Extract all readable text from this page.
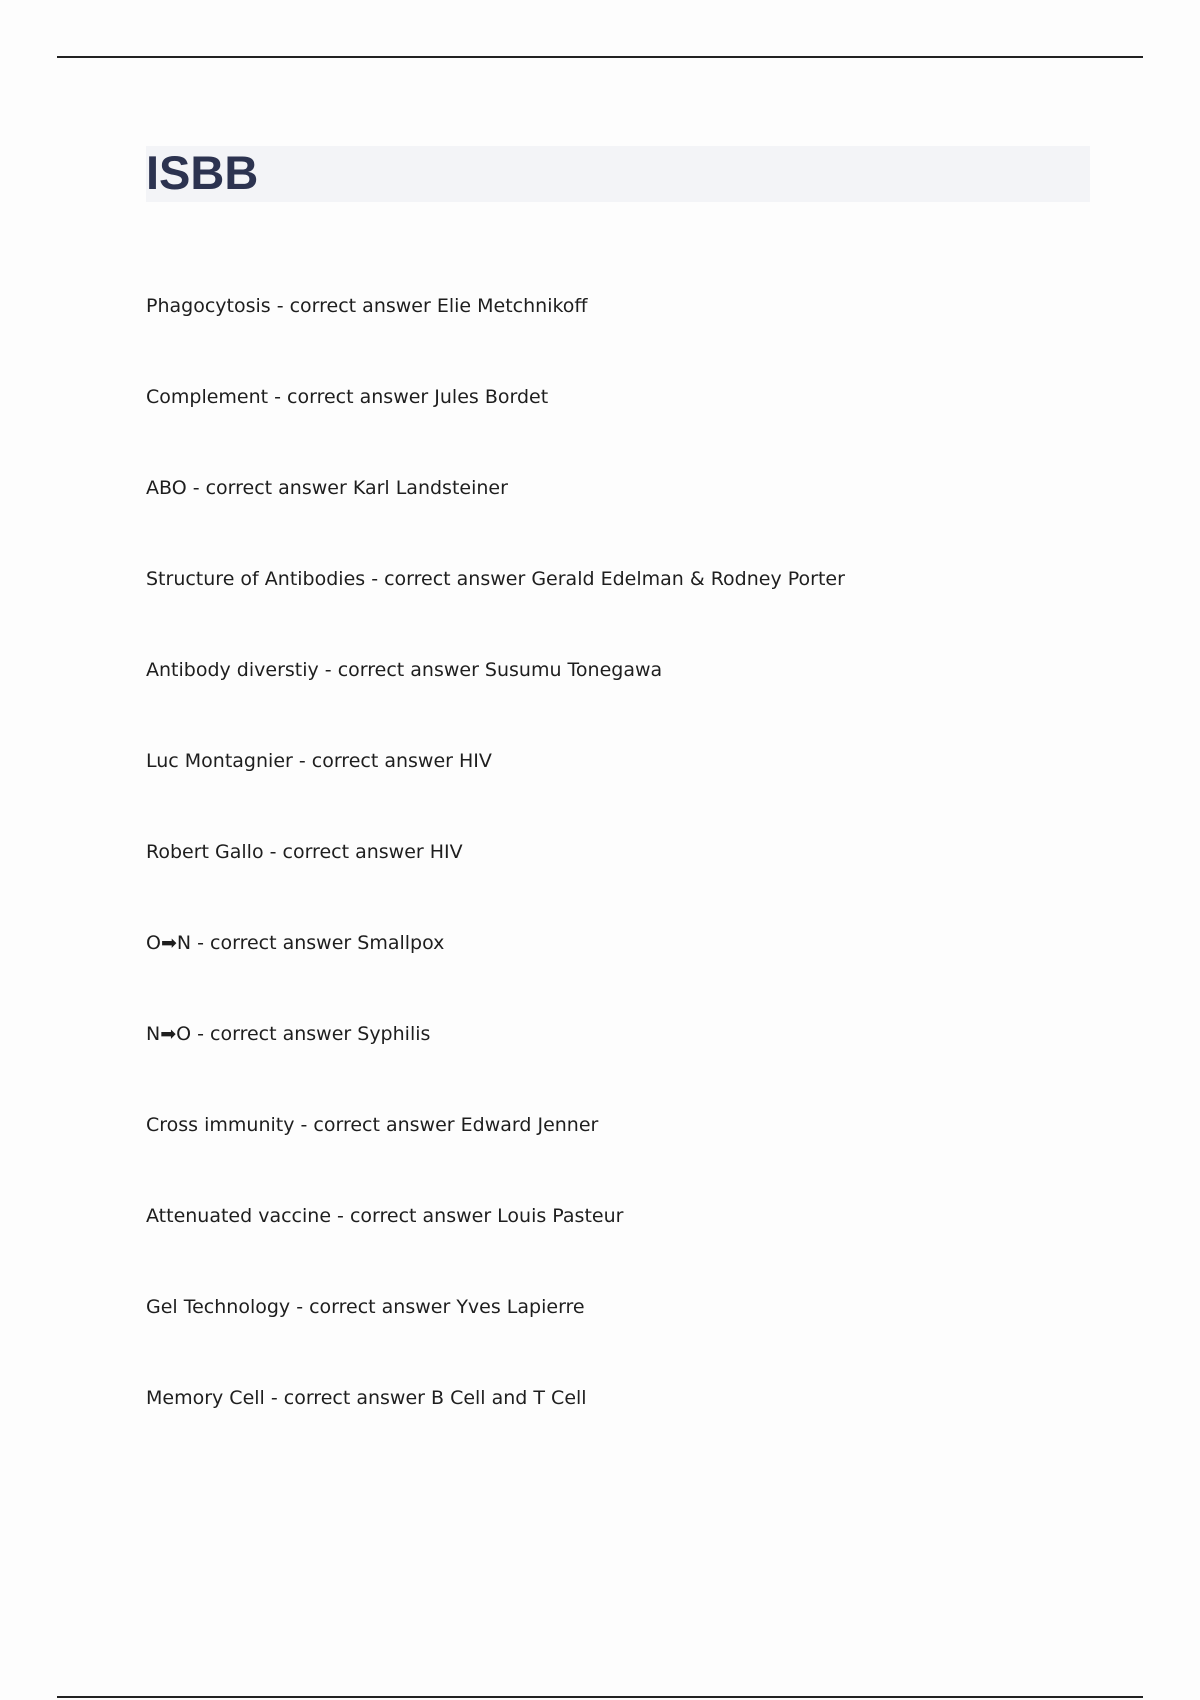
ISBB
Phagocytosis - correct answer Elie Metchnikoff
Complement - correct answer Jules Bordet
ABO - correct answer Karl Landsteiner
Structure of Antibodies - correct answer Gerald Edelman & Rodney Porter
Antibody diverstiy - correct answer Susumu Tonegawa
Luc Montagnier - correct answer HIV
Robert Gallo - correct answer HIV
O➡N - correct answer Smallpox
N➡O - correct answer Syphilis
Cross immunity - correct answer Edward Jenner
Attenuated vaccine - correct answer Louis Pasteur
Gel Technology - correct answer Yves Lapierre
Memory Cell - correct answer B Cell and T Cell
